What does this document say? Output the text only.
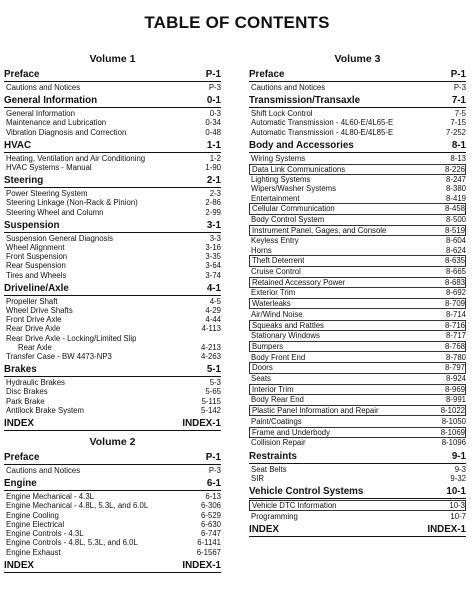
TABLE OF CONTENTS
Volume 1
Preface	P-1
Cautions and Notices	P-3
General Information	0-1
General Information	0-3
Maintenance and Lubrication	0-34
Vibration Diagnosis and Correction	0-48
HVAC	1-1
Heating, Ventilation and Air Conditioning	1-2
HVAC Systems - Manual	1-90
Steering	2-1
Power Steering System	2-3
Steering Linkage (Non-Rack & Pinion)	2-86
Steering Wheel and Column	2-99
Suspension	3-1
Suspension General Diagnosis	3-3
Wheel Alignment	3-16
Front Suspension	3-35
Rear Suspension	3-64
Tires and Wheels	3-74
Driveline/Axle	4-1
Propeller Shaft	4-5
Wheel Drive Shafts	4-29
Front Drive Axle	4-44
Rear Drive Axle	4-113
Rear Drive Axle - Locking/Limited Slip
Rear Axle	4-213
Transfer Case - BW 4473-NP3	4-263
Brakes	5-1
Hydraulic Brakes	5-3
Disc Brakes	5-65
Park Brake	5-115
Antilock Brake System	5-142
INDEX	INDEX-1
Volume 2
Preface	P-1
Cautions and Notices	P-3
Engine	6-1
Engine Mechanical - 4.3L	6-13
Engine Mechanical - 4.8L, 5.3L, and 6.0L	6-306
Engine Cooling	6-529
Engine Electrical	6-630
Engine Controls - 4.3L	6-747
Engine Controls - 4.8L, 5.3L, and 6.0L	6-1141
Engine Exhaust	6-1567
INDEX	INDEX-1
Volume 3
Preface	P-1
Cautions and Notices	P-3
Transmission/Transaxle	7-1
Shift Lock Control	7-5
Automatic Transmission - 4L60-E/4L65-E	7-15
Automatic Transmission - 4L80-E/4L85-E	7-252
Body and Accessories	8-1
Wiring Systems	8-13
Data Link Communications	8-226
Lighting Systems	8-247
Wipers/Washer Systems	8-380
Entertainment	8-419
Cellular Communication	8-458
Body Control System	8-500
Instrument Panel, Gages, and Console	8-519
Keyless Entry	8-604
Horns	8-624
Theft Deterrent	8-635
Cruise Control	8-665
Retained Accessory Power	8-683
Exterior Trim	8-692
Waterleaks	8-709
Air/Wind Noise	8-714
Squeaks and Rattles	8-716
Stationary Windows	8-717
Bumpers	8-768
Body Front End	8-780
Doors	8-797
Seats	8-924
Interior Trim	8-969
Body Rear End	8-991
Plastic Panel Information and Repair	8-1022
Paint/Coatings	8-1050
Frame and Underbody	8-1069
Collision Repair	8-1096
Restraints	9-1
Seat Belts	9-3
SIR	9-32
Vehicle Control Systems	10-1
Vehicle DTC Information	10-3
Programming	10-7
INDEX	INDEX-1
